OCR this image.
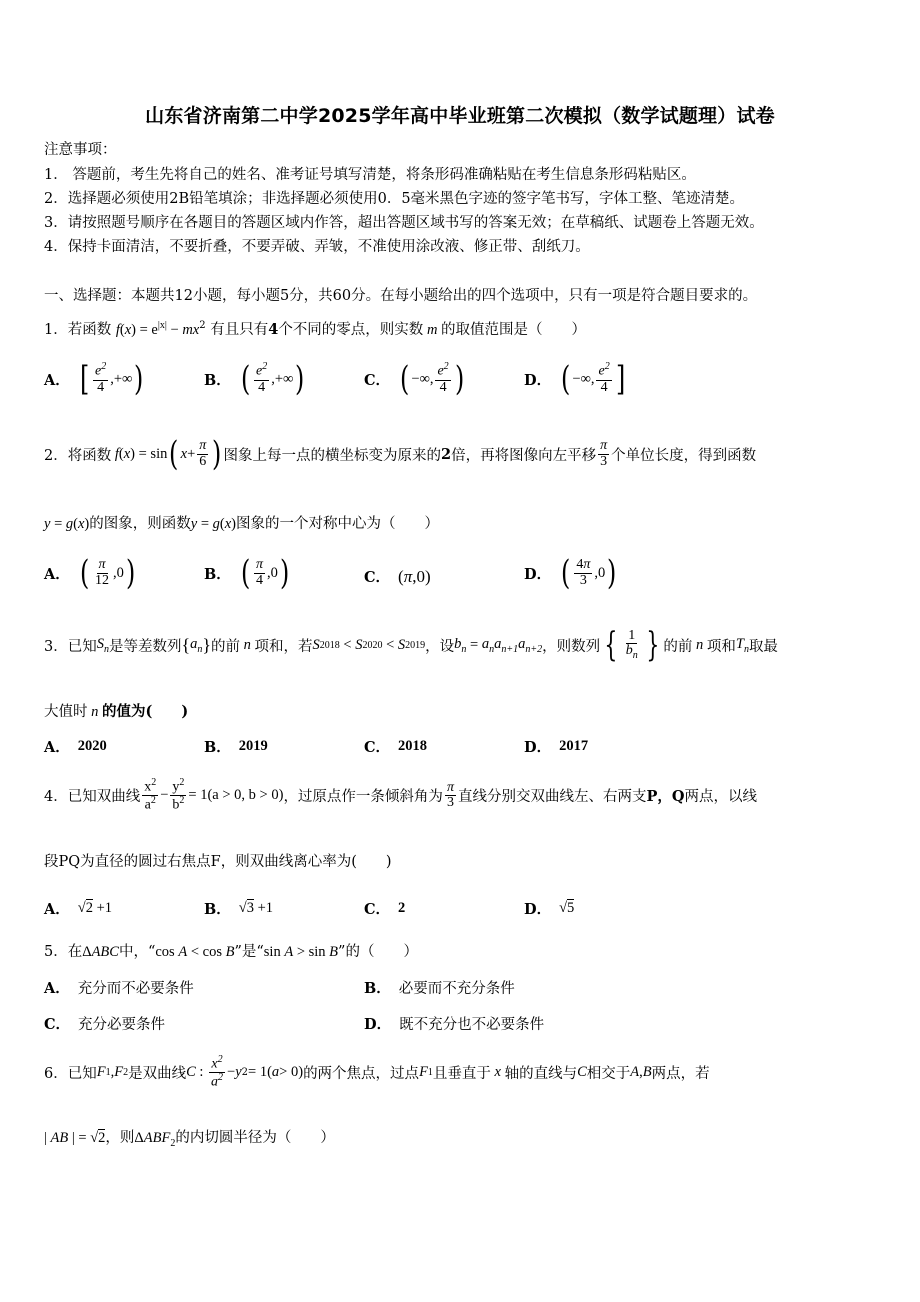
山东省济南第二中学2025学年高中毕业班第二次模拟（数学试题理）试卷
注意事项：
1． 答题前，考生先将自己的姓名、准考证号填写清楚，将条形码准确粘贴在考生信息条形码粘贴区。
2．选择题必须使用2B铅笔填涂；非选择题必须使用0．5毫米黑色字迹的签字笔书写，字体工整、笔迹清楚。
3．请按照题号顺序在各题目的答题区域内作答，超出答题区域书写的答案无效；在草稿纸、试题卷上答题无效。
4．保持卡面清洁，不要折叠，不要弄破、弄皱，不准使用涂改液、修正带、刮纸刀。
一、选择题：本题共12小题，每小题5分，共60分。在每小题给出的四个选项中，只有一项是符合题目要求的。
1．若函数 $f(x) = e^{|x|} - mx^2$ 有且只有4个不同的零点，则实数 m 的取值范围是（　　）
A． [ $\frac{e^2}{4}$ ,+∞ )	B． ( $\frac{e^2}{4}$ ,+∞ )	C． ( −∞, $\frac{e^2}{4}$ )	D． ( −∞, $\frac{e^2}{4}$ ]
2．将函数 f ( x ) = sin ( $x + \frac{\pi}{6}$ ) 图象上每一点的横坐标变为原来的 2 倍，再将图像向左平移 $\frac{\pi}{3}$ 个单位长度，得到函数
y = g(x)的图象，则函数y = g(x)图象的一个对称中心为（　　）
A． ( $\frac{\pi}{12} ,0$ )	B． ( $\frac{\pi}{4} ,0$ )	C． ( π ,0)	D． ( $\frac{4\pi}{3} ,0$ )
3．已知 $S_n$ 是等差数列 { $a_n$ } 的前 n 项和，若 S 2018 < S 2020 < S 2019 ，设 $b_n = a_na_{n+1}a_{n+2}$ ，则数列 { $\frac{1}{b_n}$ } 的前 n 项和 $T_n$ 取最
大值时 n 的值为(　　)
A． 2020	B． 2019	C． 2018	D． 2017
4．已知双曲线 $\frac{x^2}{a^2} - \frac{y^2}{b^2} = 1(a > 0$, b > 0) ，过原点作一条倾斜角为 $\frac{\pi}{3}$ 直线分别交双曲线左、右两支 P，Q 两点，以线
段PQ为直径的圆过右焦点F，则双曲线离心率为(　　)
A． √2 +1	B． √3 +1	C． 2	D． √5
5．在ΔABC中，“cos A < cos B”是“sin A > sin B”的（　　）
A． 充分而不必要条件	B． 必要而不充分条件
C． 充分必要条件	D． 既不充分也不必要条件
6．已知 F 1 , F 2 是双曲线 C : $\frac{x^2}{a^2} - y$ 2 = 1( a > 0) 的两个焦点，过点 F 1 且垂直于 x 轴的直线与 C 相交于 A , B 两点，若
| AB | = √2，则$\Delta ABF_2$的内切圆半径为（　　）
